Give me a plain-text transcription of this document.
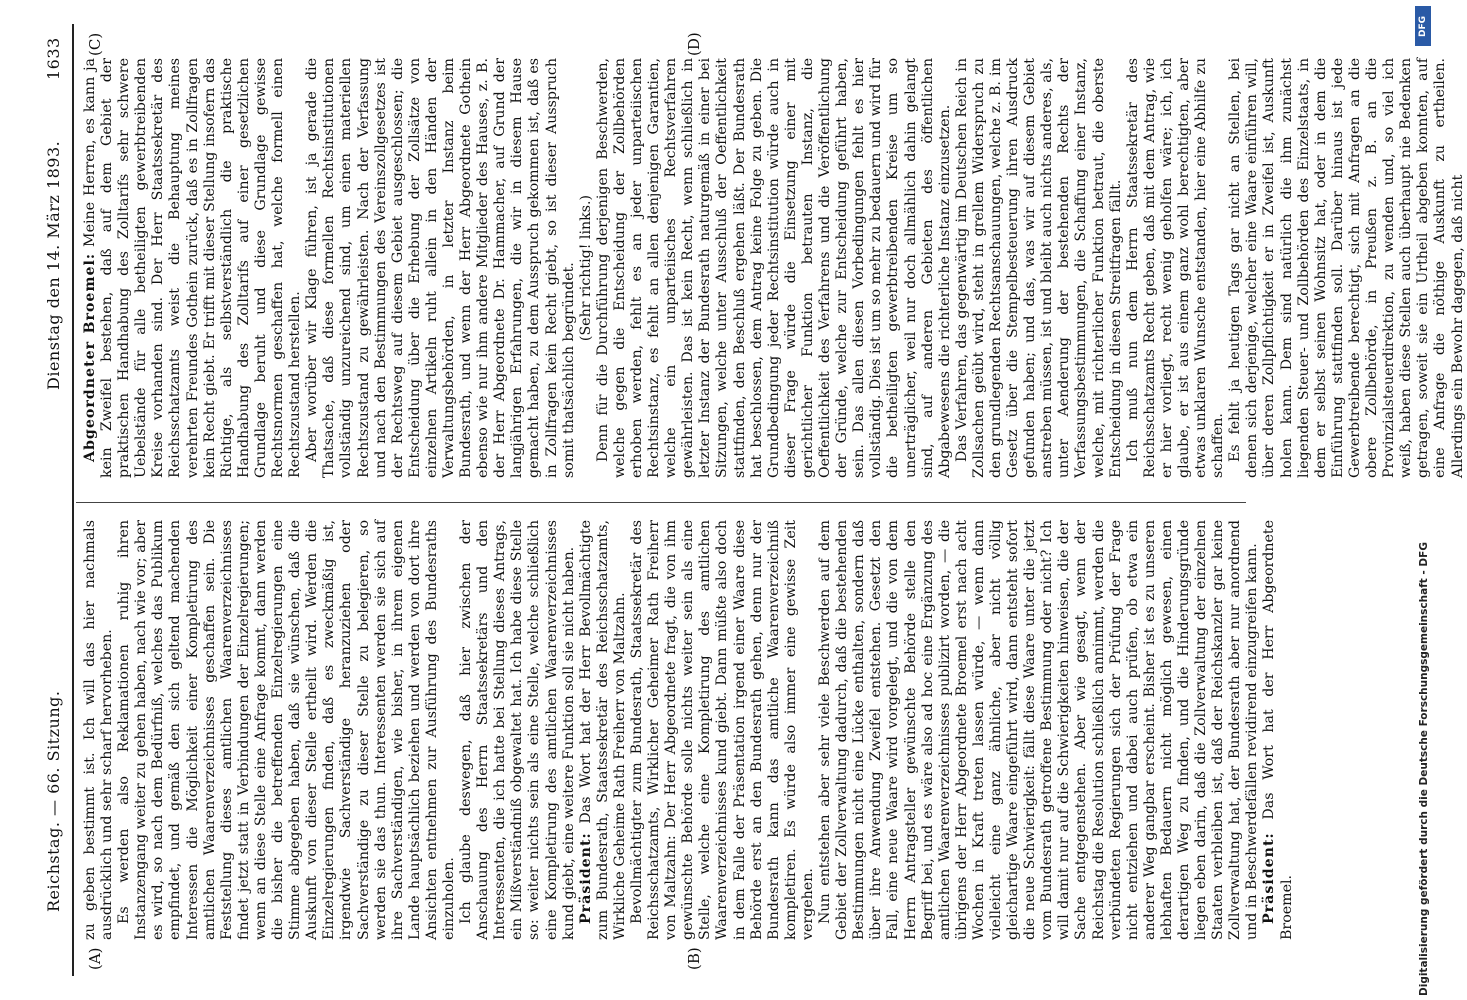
Reichstag. — 66. Sitzung.
Dienstag den 14. März 1893.
1633
(A)	(B)
(C)	(D)

zu geben bestimmt ist. Ich will das hier nachmals ausdrücklich und sehr scharf hervorheben. Es werden also Reklamationen ruhig ihren Instanzengang weiter zu gehen haben, nach wie vor; aber es wird, so nach dem Bedürfniß, welches das Publikum empfindet, und gemäß den sich geltend machenden Interessen die Möglichkeit einer Kompletirung des amtlichen Waarenverzeichnisses geschaffen sein. Die Feststellung dieses amtlichen Waarenverzeichnisses findet jetzt statt in Verbindungen der Einzelregierungen; wenn an diese Stelle eine Anfrage kommt, dann werden die bisher die betreffenden Einzelregierungen eine Stimme abgegeben haben, daß sie wünschen, daß die Auskunft von dieser Stelle ertheilt wird. Werden die Einzelregierungen finden, daß es zweckmäßig ist, irgendwie Sachverständige heranzuziehen oder Sachverständige zu dieser Stelle zu belegieren, so werden sie das thun. Interessenten werden sie sich auf ihre Sachverständigen, wie bisher, in ihrem eigenen Lande hauptsächlich beziehen und werden von dort ihre Ansichten entnehmen zur Ausführung des Bundesraths einzuholen. Ich glaube deswegen, daß hier zwischen der Anschauung des Herrn Staatssekretärs und den Interessenten, die ich hatte bei Stellung dieses Antrags, ein Mißverständniß obgewaltet hat. Ich habe diese Stelle so: weiter nichts sein als eine Stelle, welche schließlich eine Kompletirung des amtlichen Waarenverzeichnisses kund giebt, eine weitere Funktion soll sie nicht haben. Präsident: Das Wort hat der Herr Bevollmächtigte zum Bundesrath, Staatssekretär des Reichsschatzamts, Wirkliche Geheime Rath Freiherr von Maltzahn. Bevollmächtigter zum Bundesrath, Staatssekretär des Reichsschatzamts, Wirklicher Geheimer Rath Freiherr von Maltzahn: Der Herr Abgeordnete fragt, die von ihm gewünschte Behörde solle nichts weiter sein als eine Stelle, welche eine Kompletirung des amtlichen Waarenverzeichnisses kund giebt. Dann müßte also doch in dem Falle der Präsentation irgend einer Waare diese Behörde erst an den Bundesrath gehen, denn nur der Bundesrath kann das amtliche Waarenverzeichniß kompletiren. Es würde also immer eine gewisse Zeit vergehen. Nun entstehen aber sehr viele Beschwerden auf dem Gebiet der Zollverwaltung dadurch, daß die bestehenden Bestimmungen nicht eine Lücke enthalten, sondern daß über ihre Anwendung Zweifel entstehen. Gesetzt den Fall, eine neue Waare wird vorgelegt, und die von dem Herrn Antragsteller gewünschte Behörde stelle den Begriff bei, und es wäre also ad hoc eine Ergänzung des amtlichen Waarenverzeichnisses publizirt worden, — die übrigens der Herr Abgeordnete Broemel erst nach acht Wochen in Kraft treten lassen würde, — wenn dann vielleicht eine ganz ähnliche, aber nicht völlig gleichartige Waare eingeführt wird, dann entsteht sofort die neue Schwierigkeit: fällt diese Waare unter die jetzt vom Bundesrath getroffene Bestimmung oder nicht? Ich will damit nur auf die Schwierigkeiten hinweisen, die der Sache entgegenstehen. Aber wie gesagt, wenn der Reichstag die Resolution schließlich annimmt, werden die verbündeten Regierungen sich der Prüfung der Frage nicht entziehen und dabei auch prüfen, ob etwa ein anderer Weg gangbar erscheint. Bisher ist es zu unseren lebhaften Bedauern nicht möglich gewesen, einen derartigen Weg zu finden, und die Hinderungsgründe liegen eben darin, daß die Zollverwaltung der einzelnen Staaten verbleiben ist, daß der Reichskanzler gar keine Zollverwaltung hat, der Bundesrath aber nur anordnend und in Beschwerdefällen revidirend einzugreifen kann. Präsident: Das Wort hat der Herr Abgeordnete Broemel.

Abgeordneter Broemel: Meine Herren, es kann ja kein Zweifel bestehen, daß auf dem Gebiet der praktischen Handhabung des Zolltarifs sehr schwere Uebelstände für alle betheiligten gewerbtreibenden Kreise vorhanden sind. Der Herr Staatssekretär des Reichsschatzamts weist die Behauptung meines verehrten Freundes Gothein zurück, daß es in Zollfragen kein Recht giebt. Er trifft mit dieser Stellung insofern das Richtige, als selbstverständlich die praktische Handhabung des Zolltarifs auf einer gesetzlichen Grundlage beruht und diese Grundlage gewisse Rechtsnormen geschaffen hat, welche formell einen Rechtszustand herstellen. Aber worüber wir Klage führen, ist ja gerade die Thatsache, daß diese formellen Rechtsinstitutionen vollständig unzureichend sind, um einen materiellen Rechtszustand zu gewährleisten. Nach der Verfassung und nach den Bestimmungen des Vereinszollgesetzes ist der Rechtsweg auf diesem Gebiet ausgeschlossen; die Entscheidung über die Erhebung der Zollsätze von einzelnen Artikeln ruht allein in den Händen der Verwaltungsbehörden, in letzter Instanz beim Bundesrath, und wenn der Herr Abgeordnete Gothein ebenso wie nur ihm andere Mitglieder des Hauses, z. B. der Herr Abgeordnete Dr. Hammacher, auf Grund der langjährigen Erfahrungen, die wir in diesem Hause gemacht haben, zu dem Ausspruch gekommen ist, daß es in Zollfragen kein Recht giebt, so ist dieser Ausspruch somit thatsächlich begründet. (Sehr richtig! links.) Denn für die Durchführung derjenigen Beschwerden, welche gegen die Entscheidung der Zollbehörden erhoben werden, fehlt es an jeder unparteiischen Rechtsinstanz, es fehlt an allen denjenigen Garantien, welche ein unparteiisches Rechtsverfahren gewährleisten. Das ist kein Recht, wenn schließlich in letzter Instanz der Bundesrath naturgemäß in einer bei Sitzungen, welche unter Ausschluß der Oeffentlichkeit stattfinden, den Beschluß ergehen läßt. Der Bundesrath hat beschlossen, dem Antrag keine Folge zu geben. Die Grundbedingung jeder Rechtsinstitution würde auch in dieser Frage würde die Einsetzung einer mit gerichtlicher Funktion betrauten Instanz, die Oeffentlichkeit des Verfahrens und die Veröffentlichung der Gründe, welche zur Entscheidung geführt haben, sein. Das allen diesen Vorbedingungen fehlt es hier vollständig. Dies ist um so mehr zu bedauern und wird für die betheiligten gewerbtreibenden Kreise um so unerträglicher, weil nur doch allmählich dahin gelangt sind, auf anderen Gebieten des öffentlichen Abgabewesens die richterliche Instanz einzusetzen. Das Verfahren, das gegenwärtig im Deutschen Reich in Zollsachen geübt wird, steht in grellem Widerspruch zu den grundlegenden Rechtsanschauungen, welche z. B. im Gesetz über die Stempelbesteuerung ihren Ausdruck gefunden haben; und das, was wir auf diesem Gebiet anstreben müssen, ist und bleibt auch nichts anderes, als, unter Aenderung der bestehenden Rechts der Verfassungsbestimmungen, die Schaffung einer Instanz, welche, mit richterlicher Funktion betraut, die oberste Entscheidung in diesen Streitfragen fällt. Ich muß nun dem Herrn Staatssekretär des Reichsschatzamts Recht geben, daß mit dem Antrag, wie er hier vorliegt, recht wenig geholfen wäre; ich, ich glaube, er ist aus einem ganz wohl berechtigten, aber etwas unklaren Wunsche entstanden, hier eine Abhilfe zu schaffen. Es fehlt ja heutigen Tags gar nicht an Stellen, bei denen sich derjenige, welcher eine Waare einführen will, über deren Zollpflichtigkeit er in Zweifel ist, Auskunft holen kann. Dem sind natürlich die ihm zunächst liegenden Steuer- und Zollbehörden des Einzelstaats, in dem er selbst seinen Wohnsitz hat, oder in dem die Einführung stattfinden soll. Darüber hinaus ist jede Gewerbtreibende berechtigt, sich mit Anfragen an die obere Zollbehörde, in Preußen z. B. an die Provinzialsteuerdirektion, zu wenden und, so viel ich weiß, haben diese Stellen auch überhaupt nie Bedenken getragen, soweit sie ein Urtheil abgeben konnten, auf eine Anfrage die nöthige Auskunft zu ertheilen. Allerdings ein Bewohr dagegen, daß nicht

DFG
Digitalisierung gefördert durch die Deutsche Forschungsgemeinschaft - DFG
